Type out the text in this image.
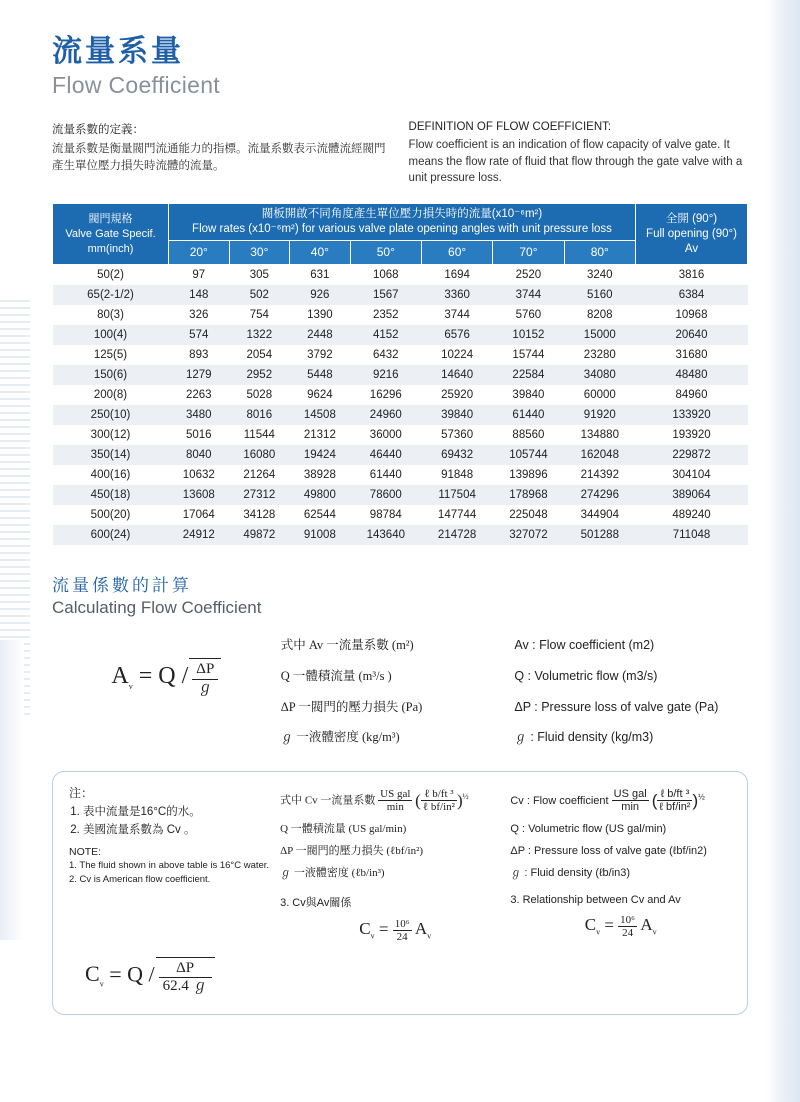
流量系量
Flow Coefficient
流量系數的定義：

流量系數是衡量閥門流通能力的指標。流量系數表示流體流經閥門產生單位壓力損失時流體的流量。

DEFINITION OF FLOW COEFFICIENT:

Flow coefficient is an indication of flow capacity of valve gate. It means the flow rate of fluid that flow through the gate valve with a unit pressure loss.

閥門規格
Valve Gate Specif.
mm(inch)

閥板開啟不同角度產生單位壓力損失時的流量(x10⁻⁶m²)
Flow rates (x10⁻⁶m²) for various valve plate opening angles with unit pressure loss

全開 (90°)
Full opening (90°)
Av

	20°	30°	40°	50°	60°	70°	80°	
50(2)	97	305	631	1068	1694	2520	3240	3816
65(2-1/2)	148	502	926	1567	3360	3744	5160	6384
80(3)	326	754	1390	2352	3744	5760	8208	10968
100(4)	574	1322	2448	4152	6576	10152	15000	20640
125(5)	893	2054	3792	6432	10224	15744	23280	31680
150(6)	1279	2952	5448	9216	14640	22584	34080	48480
200(8)	2263	5028	9624	16296	25920	39840	60000	84960
250(10)	3480	8016	14508	24960	39840	61440	91920	133920
300(12)	5016	11544	21312	36000	57360	88560	134880	193920
350(14)	8040	16080	19424	46440	69432	105744	162048	229872
400(16)	10632	21264	38928	61440	91848	139896	214392	304104
450(18)	13608	27312	49800	78600	117504	178968	274296	389064
500(20)	17064	34128	62544	98784	147744	225048	344904	489240
600(24)	24912	49872	91008	143640	214728	327072	501288	711048
流量係數的計算
Calculating Flow Coefficient
$A_v = Q / \frac{\Delta P}{\text{ℊ}}$
式中 Av 一流量系數 (m²)
Q 一體積流量 (m³/s )
ΔP 一閥門的壓力損失 (Pa)
ℊ 一液體密度 (kg/m³)
Av : Flow coefficient (m2)
Q : Volumetric flow (m3/s)
ΔP : Pressure loss of valve gate (Pa)
ℊ : Fluid density (kg/m3)
注：
1. 表中流量是16°C的水。
2. 美國流量系數為 Cv 。
NOTE:
1. The fluid shown in above table is 16°C water.
2. Cv is American flow coefficient.
式中 Cv 一流量系數 $\frac{\text{US gal}}{\min}$ ( $\frac{\text{ℓ b/ft ³}}{\text{ℓ bf/in²}} )^{\frac{1}{2}}$
Q 一體積流量 (US gal/min)
ΔP 一閥門的壓力損失 (ℓbf/in²)
ℊ 一液體密度 (ℓb/in³)
3. Cv與Av關係
$C_v = \frac{\text{10⁶}}{24} A_v$
Cv : Flow coefficient $\frac{\text{US gal}}{\min}$ ( $\frac{\text{ℓ b/ft ³}}{\text{ℓ bf/in²}} )^{\frac{1}{2}}$
Q : Volumetric flow (US gal/min)
ΔP : Pressure loss of valve gate (ℓbf/in2)
ℊ : Fluid density (ℓb/in3)
3. Relationship between Cv and Av
$C_v = \frac{\text{10⁶}}{24} A_v$
$C_v = Q / \frac{\Delta P}{\text{62.4 ℊ}}$
